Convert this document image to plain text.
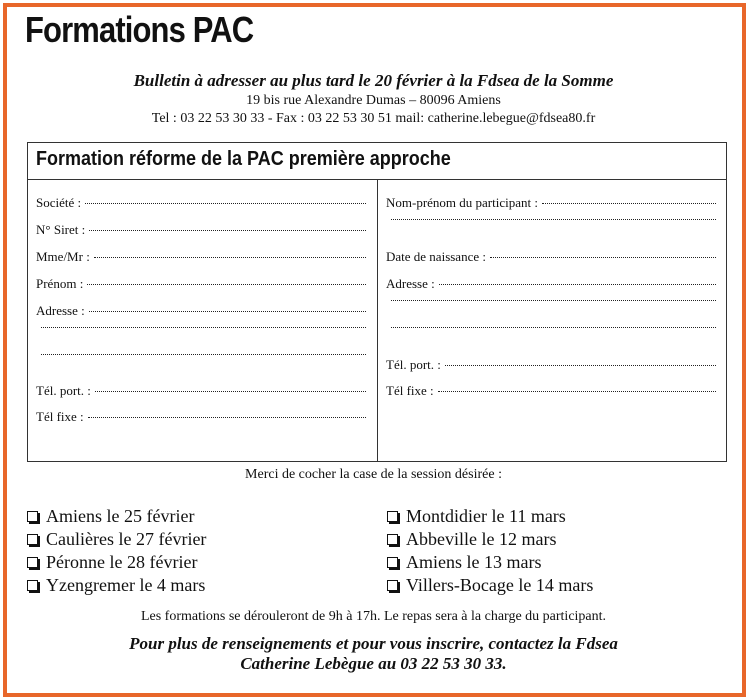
Formations PAC
Bulletin à adresser au plus tard le 20 février à la Fdsea de la Somme
19 bis rue Alexandre Dumas – 80096 Amiens
Tel : 03 22 53 30 33 - Fax : 03 22 53 30 51 mail: catherine.lebegue@fdsea80.fr
Formation réforme de la PAC première approche
Société :
N° Siret :
Mme/Mr :
Prénom :
Adresse :
Tél. port. :
Tél fixe :
Nom-prénom du participant :
Date de naissance :
Adresse :
Tél. port. :
Tél fixe :
Merci de cocher la case de la session désirée :
Amiens le 25 février
Caulières le 27 février
Péronne le 28 février
Yzengremer le 4 mars
Montdidier le 11 mars
Abbeville le 12 mars
Amiens le 13 mars
Villers-Bocage le 14 mars
Les formations se dérouleront de 9h à 17h. Le repas sera à la charge du participant.
Pour plus de renseignements et pour vous inscrire, contactez la Fdsea
Catherine Lebègue au 03 22 53 30 33.
